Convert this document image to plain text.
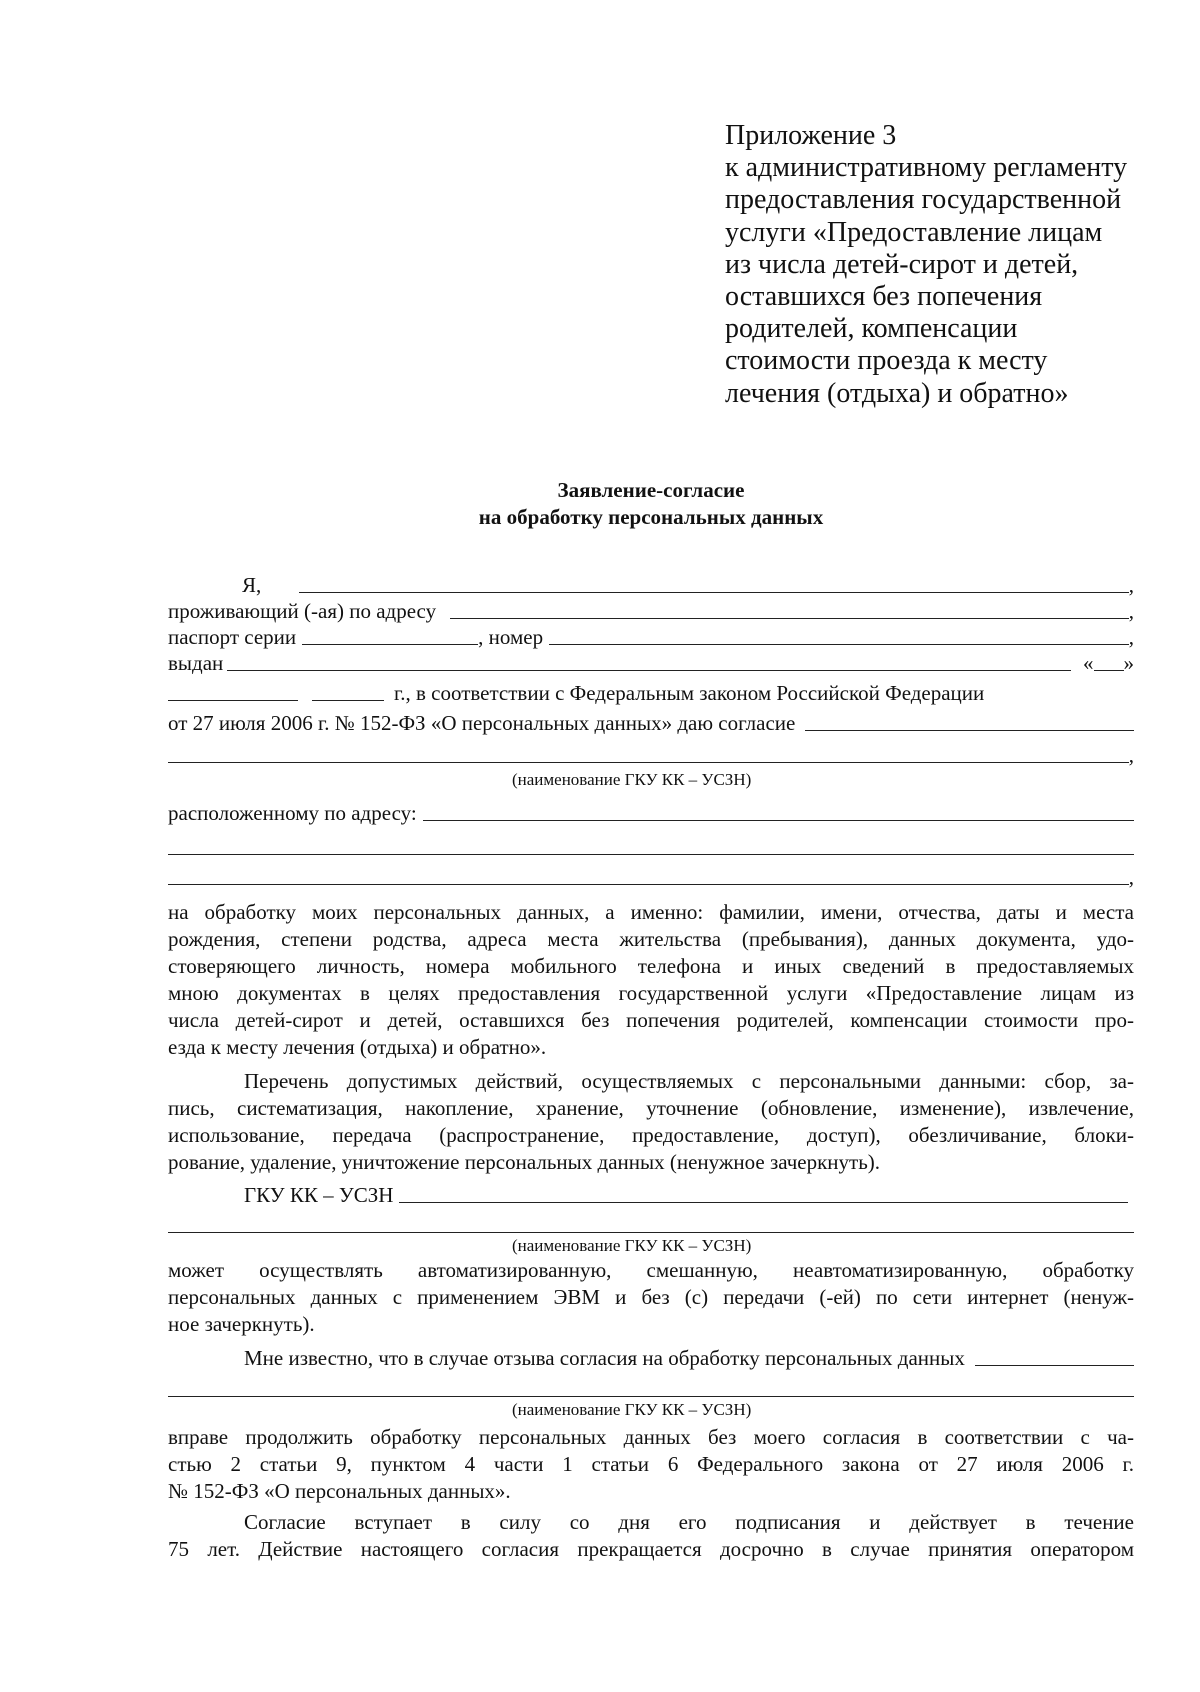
Приложение 3
к административному регламенту
предоставления государственной
услуги «Предоставление лицам
из числа детей-сирот и детей,
оставшихся без попечения
родителей, компенсации
стоимости проезда к месту
лечения (отдыха) и обратно»
Заявление-согласие
на обработку персональных данных
Я,	,
проживающий (-ая) по адресу	,
паспорт серии	, номер	,
выдан	« »
г., в соответствии с Федеральным законом Российской Федерации
от 27 июля 2006 г. № 152-ФЗ «О персональных данных» даю согласие
,
(наименование ГКУ КК – УСЗН)
расположенному по адресу:
,
на обработку моих персональных данных, а именно: фамилии, имени, отчества, даты и места
рождения, степени родства, адреса места жительства (пребывания), данных документа, удо-
стоверяющего личность, номера мобильного телефона и иных сведений в предоставляемых
мною документах в целях предоставления государственной услуги «Предоставление лицам из
числа детей-сирот и детей, оставшихся без попечения родителей, компенсации стоимости про-
езда к месту лечения (отдыха) и обратно».
Перечень допустимых действий, осуществляемых с персональными данными: сбор, за-
пись, систематизация, накопление, хранение, уточнение (обновление, изменение), извлечение,
использование, передача (распространение, предоставление, доступ), обезличивание, блоки-
рование, удаление, уничтожение персональных данных (ненужное зачеркнуть).
ГКУ КК – УСЗН
(наименование ГКУ КК – УСЗН)
может осуществлять автоматизированную, смешанную, неавтоматизированную, обработку
персональных данных с применением ЭВМ и без (с) передачи (-ей) по сети интернет (ненуж-
ное зачеркнуть).
Мне известно, что в случае отзыва согласия на обработку персональных данных
(наименование ГКУ КК – УСЗН)
вправе продолжить обработку персональных данных без моего согласия в соответствии с ча-
стью 2 статьи 9, пунктом 4 части 1 статьи 6 Федерального закона от 27 июля 2006 г.
№ 152-ФЗ «О персональных данных».
Согласие вступает в силу со дня его подписания и действует в течение
75 лет. Действие настоящего согласия прекращается досрочно в случае принятия оператором
